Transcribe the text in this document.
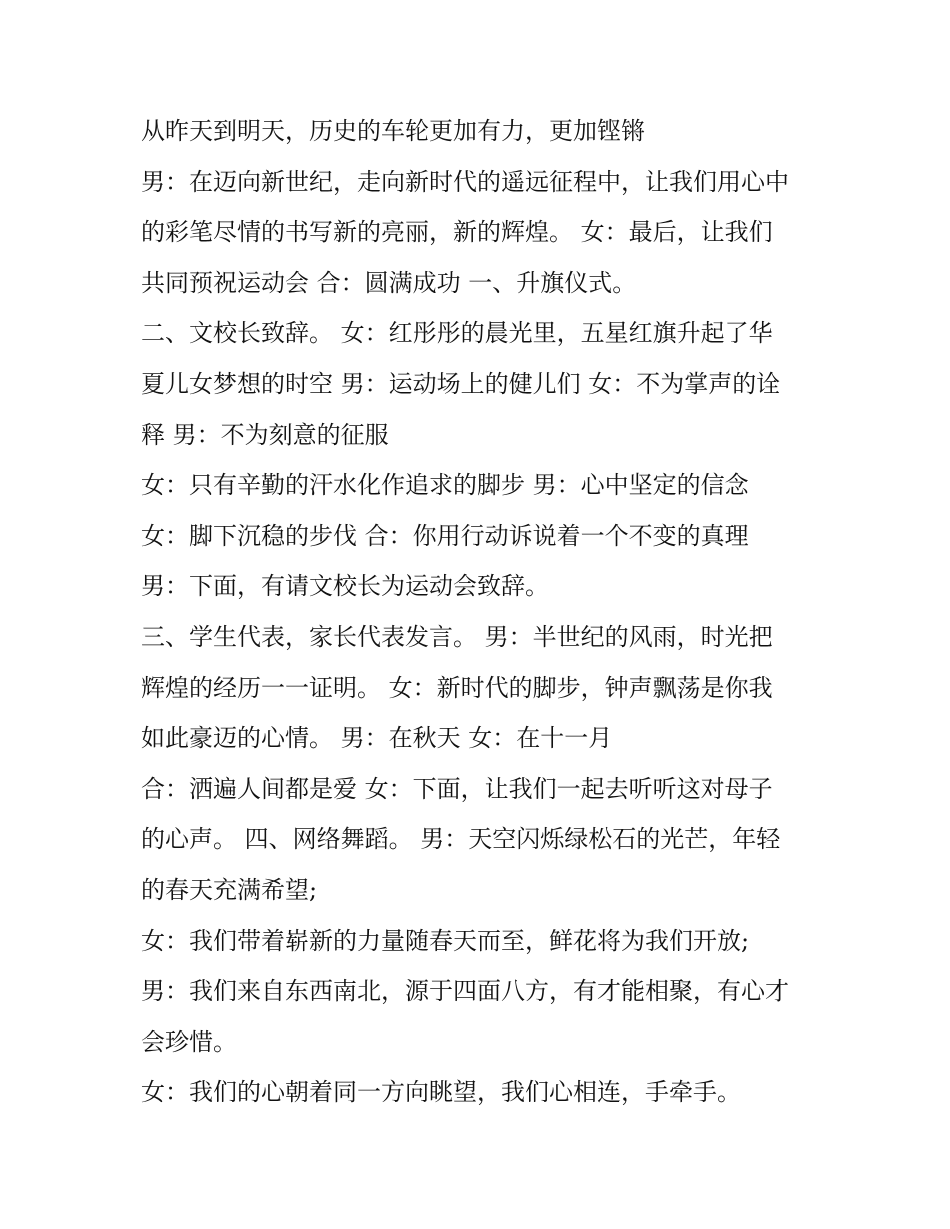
从昨天到明天，历史的车轮更加有力，更加铿锵
男：在迈向新世纪，走向新时代的遥远征程中，让我们用心中
的彩笔尽情的书写新的亮丽，新的辉煌。 女：最后，让我们
共同预祝运动会 合：圆满成功 一、升旗仪式。
二、文校长致辞。 女：红彤彤的晨光里，五星红旗升起了华
夏儿女梦想的时空 男：运动场上的健儿们 女：不为掌声的诠
释 男：不为刻意的征服
女：只有辛勤的汗水化作追求的脚步 男：心中坚定的信念
女：脚下沉稳的步伐 合：你用行动诉说着一个不变的真理
男：下面，有请文校长为运动会致辞。
三、学生代表，家长代表发言。 男：半世纪的风雨，时光把
辉煌的经历一一证明。 女：新时代的脚步，钟声飘荡是你我
如此豪迈的心情。 男：在秋天 女：在十一月
合：洒遍人间都是爱 女：下面，让我们一起去听听这对母子
的心声。 四、网络舞蹈。 男：天空闪烁绿松石的光芒，年轻
的春天充满希望;
女：我们带着崭新的力量随春天而至，鲜花将为我们开放;
男：我们来自东西南北，源于四面八方，有才能相聚，有心才
会珍惜。
女：我们的心朝着同一方向眺望，我们心相连，手牵手。
